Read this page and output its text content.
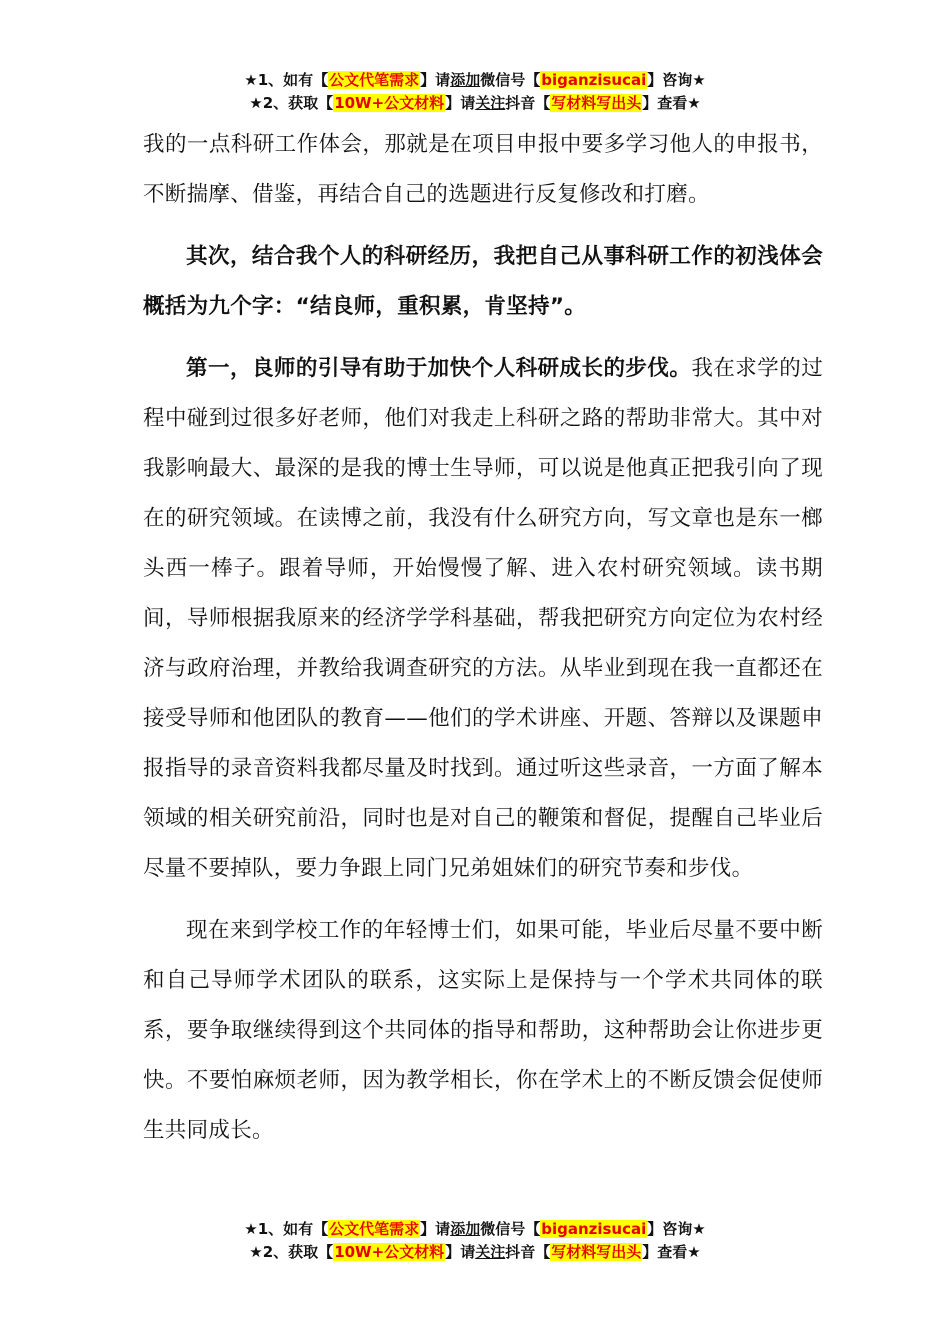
★1、如有【公文代笔需求】请添加微信号【biganzisucai】咨询★
★2、获取【10W+公文材料】请关注抖音【写材料写出头】查看★

我的一点科研工作体会，那就是在项目申报中要多学习他人的申报书，不断揣摩、借鉴，再结合自己的选题进行反复修改和打磨。

其次，结合我个人的科研经历，我把自己从事科研工作的初浅体会概括为九个字：“结良师，重积累，肯坚持”。

第一，良师的引导有助于加快个人科研成长的步伐。我在求学的过程中碰到过很多好老师，他们对我走上科研之路的帮助非常大。其中对我影响最大、最深的是我的博士生导师，可以说是他真正把我引向了现在的研究领域。在读博之前，我没有什么研究方向，写文章也是东一榔头西一棒子。跟着导师，开始慢慢了解、进入农村研究领域。读书期间，导师根据我原来的经济学学科基础，帮我把研究方向定位为农村经济与政府治理，并教给我调查研究的方法。从毕业到现在我一直都还在接受导师和他团队的教育——他们的学术讲座、开题、答辩以及课题申报指导的录音资料我都尽量及时找到。通过听这些录音，一方面了解本领域的相关研究前沿，同时也是对自己的鞭策和督促，提醒自己毕业后尽量不要掉队，要力争跟上同门兄弟姐妹们的研究节奏和步伐。

现在来到学校工作的年轻博士们，如果可能，毕业后尽量不要中断和自己导师学术团队的联系，这实际上是保持与一个学术共同体的联系，要争取继续得到这个共同体的指导和帮助，这种帮助会让你进步更快。不要怕麻烦老师，因为教学相长，你在学术上的不断反馈会促使师生共同成长。

★1、如有【公文代笔需求】请添加微信号【biganzisucai】咨询★
★2、获取【10W+公文材料】请关注抖音【写材料写出头】查看★
